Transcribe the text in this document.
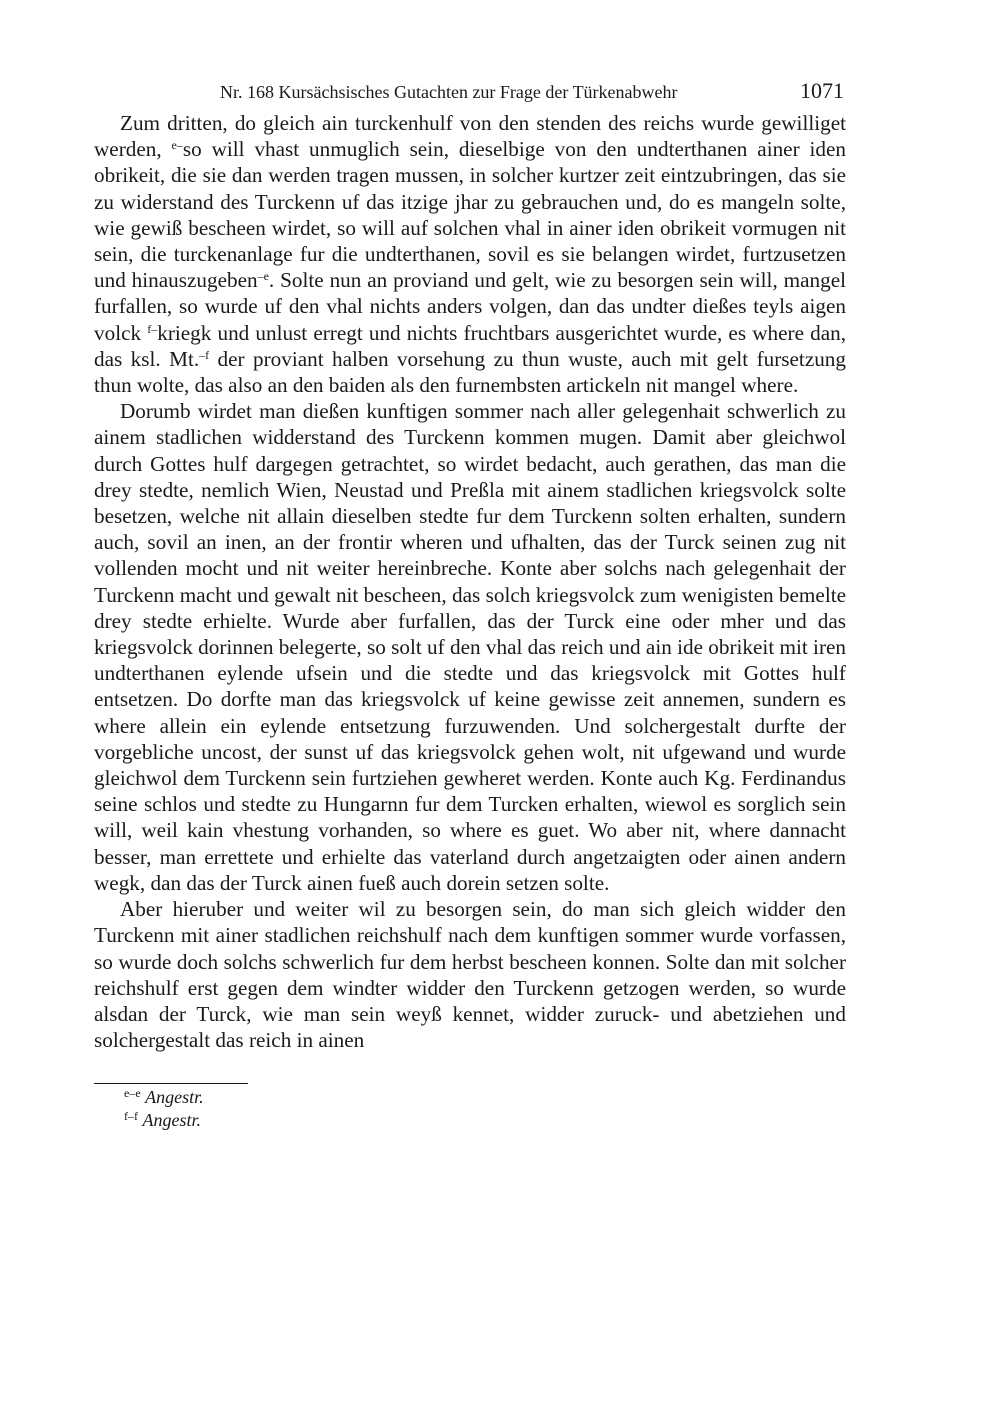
Nr. 168 Kursächsisches Gutachten zur Frage der Türkenabwehr	1071

Zum dritten, do gleich ain turckenhulf von den stenden des reichs wurde gewilliget werden, $^{e-}$so will vhast unmuglich sein, dieselbige von den undterthanen ainer iden obrikeit, die sie dan werden tragen mussen, in solcher kurtzer zeit eintzubringen, das sie zu widerstand des Turckenn uf das itzige jhar zu gebrauchen und, do es mangeln solte, wie gewiß bescheen wirdet, so will auf solchen vhal in ainer iden obrikeit vormugen nit sein, die turckenanlage fur die undterthanen, sovil es sie belangen wirdet, furtzusetzen und hinauszugeben$^{-e}$. Solte nun an proviand und gelt, wie zu besorgen sein will, mangel furfallen, so wurde uf den vhal nichts anders volgen, dan das undter dießes teyls aigen volck $^{f-}$kriegk und unlust erregt und nichts fruchtbars ausgerichtet wurde, es where dan, das ksl. Mt.$^{-f}$ der proviant halben vorsehung zu thun wuste, auch mit gelt fursetzung thun wolte, das also an den baiden als den furnembsten artickeln nit mangel where.

Dorumb wirdet man dießen kunftigen sommer nach aller gelegenhait schwerlich zu ainem stadlichen widderstand des Turckenn kommen mugen. Damit aber gleichwol durch Gottes hulf dargegen getrachtet, so wirdet bedacht, auch gerathen, das man die drey stedte, nemlich Wien, Neustad und Preßla mit ainem stadlichen kriegsvolck solte besetzen, welche nit allain dieselben stedte fur dem Turckenn solten erhalten, sundern auch, sovil an inen, an der frontir wheren und ufhalten, das der Turck seinen zug nit vollenden mocht und nit weiter hereinbreche. Konte aber solchs nach gelegenhait der Turckenn macht und gewalt nit bescheen, das solch kriegsvolck zum wenigisten bemelte drey stedte erhielte. Wurde aber furfallen, das der Turck eine oder mher und das kriegsvolck dorinnen belegerte, so solt uf den vhal das reich und ain ide obrikeit mit iren undterthanen eylende ufsein und die stedte und das kriegsvolck mit Gottes hulf entsetzen. Do dorfte man das kriegsvolck uf keine gewisse zeit annemen, sundern es where allein ein eylende entsetzung furzuwenden. Und solchergestalt durfte der vorgebliche uncost, der sunst uf das kriegsvolck gehen wolt, nit ufgewand und wurde gleichwol dem Turckenn sein furtziehen gewheret werden. Konte auch Kg. Ferdinandus seine schlos und stedte zu Hungarnn fur dem Turcken erhalten, wiewol es sorglich sein will, weil kain vhestung vorhanden, so where es guet. Wo aber nit, where dannacht besser, man errettete und erhielte das vaterland durch angetzaigten oder ainen andern wegk, dan das der Turck ainen fueß auch dorein setzen solte.

Aber hieruber und weiter wil zu besorgen sein, do man sich gleich widder den Turckenn mit ainer stadlichen reichshulf nach dem kunftigen sommer wurde vorfassen, so wurde doch solchs schwerlich fur dem herbst bescheen konnen. Solte dan mit solcher reichshulf erst gegen dem windter widder den Turckenn getzogen werden, so wurde alsdan der Turck, wie man sein weyß kennet, widder zuruck- und abetziehen und solchergestalt das reich in ainen

$^{e-e}$ Angestr.
$^{f-f}$ Angestr.
